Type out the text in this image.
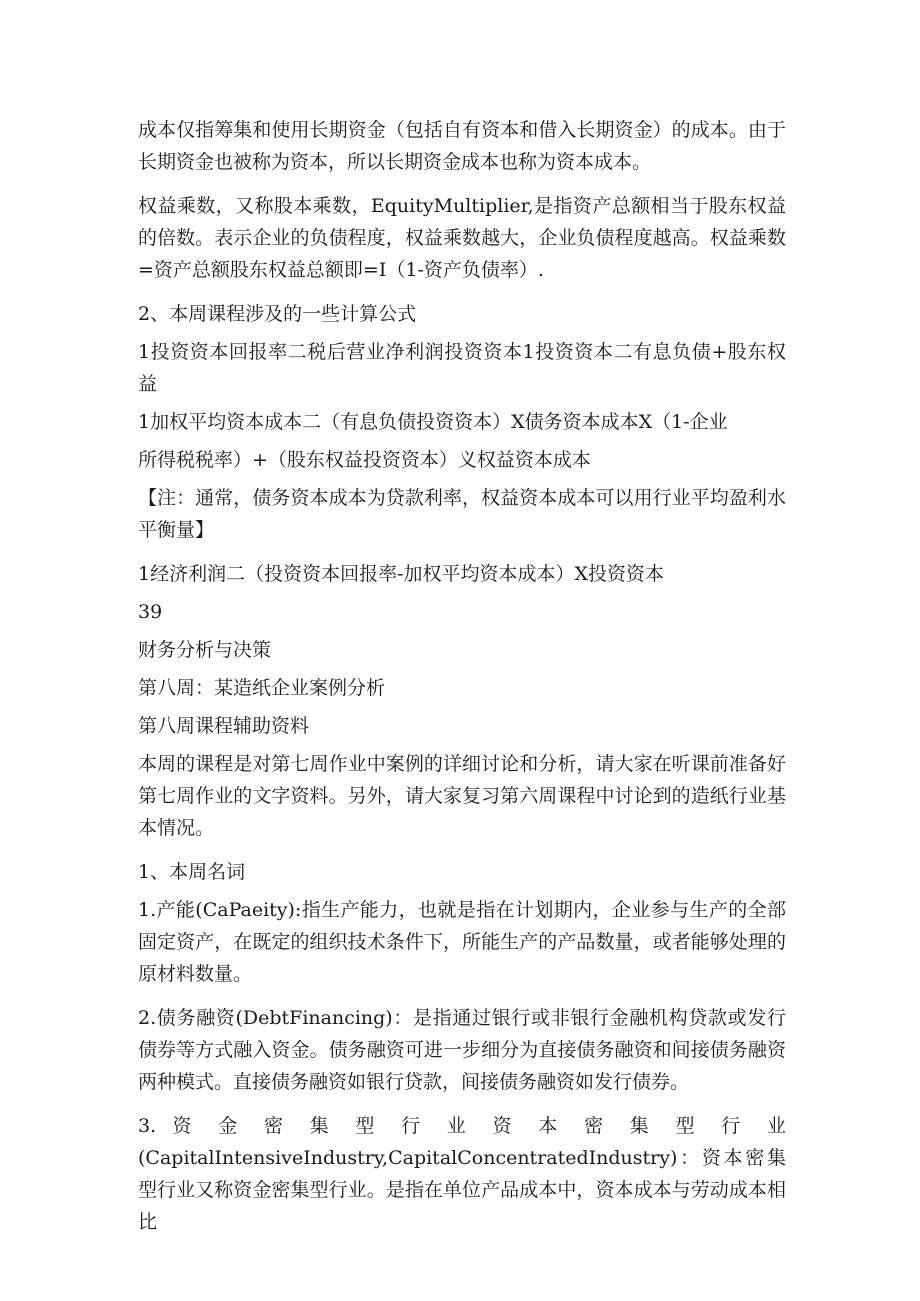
成本仅指筹集和使用长期资金（包括自有资本和借入长期资金）的成本。由于长期资金也被称为资本，所以长期资金成本也称为资本成本。

权益乘数，又称股本乘数，EquityMultiplier,是指资产总额相当于股东权益的倍数。表示企业的负债程度，权益乘数越大，企业负债程度越高。权益乘数=资产总额股东权益总额即=I（1-资产负债率）.

2、本周课程涉及的一些计算公式

1投资资本回报率二税后营业净利润投资资本1投资资本二有息负债+股东权益

1加权平均资本成本二（有息负债投资资本）X债务资本成本X（1-企业

所得税税率）+（股东权益投资资本）义权益资本成本

【注：通常，债务资本成本为贷款利率，权益资本成本可以用行业平均盈利水平衡量】

1经济利润二（投资资本回报率-加权平均资本成本）X投资资本

39

财务分析与决策

第八周：某造纸企业案例分析

第八周课程辅助资料

本周的课程是对第七周作业中案例的详细讨论和分析，请大家在听课前准备好第七周作业的文字资料。另外，请大家复习第六周课程中讨论到的造纸行业基本情况。

1、本周名词

1.产能(CaPaeity):指生产能力，也就是指在计划期内，企业参与生产的全部固定资产，在既定的组织技术条件下，所能生产的产品数量，或者能够处理的原材料数量。

2.债务融资(DebtFinancing)：是指通过银行或非银行金融机构贷款或发行债券等方式融入资金。债务融资可进一步细分为直接债务融资和间接债务融资两种模式。直接债务融资如银行贷款，间接债务融资如发行债券。

3. 资 金 密 集 型 行 业 资 本 密 集 型 行 业

(CapitalIntensiveIndustry,CapitalConcentratedIndustry)：资本密集型行业又称资金密集型行业。是指在单位产品成本中，资本成本与劳动成本相比
